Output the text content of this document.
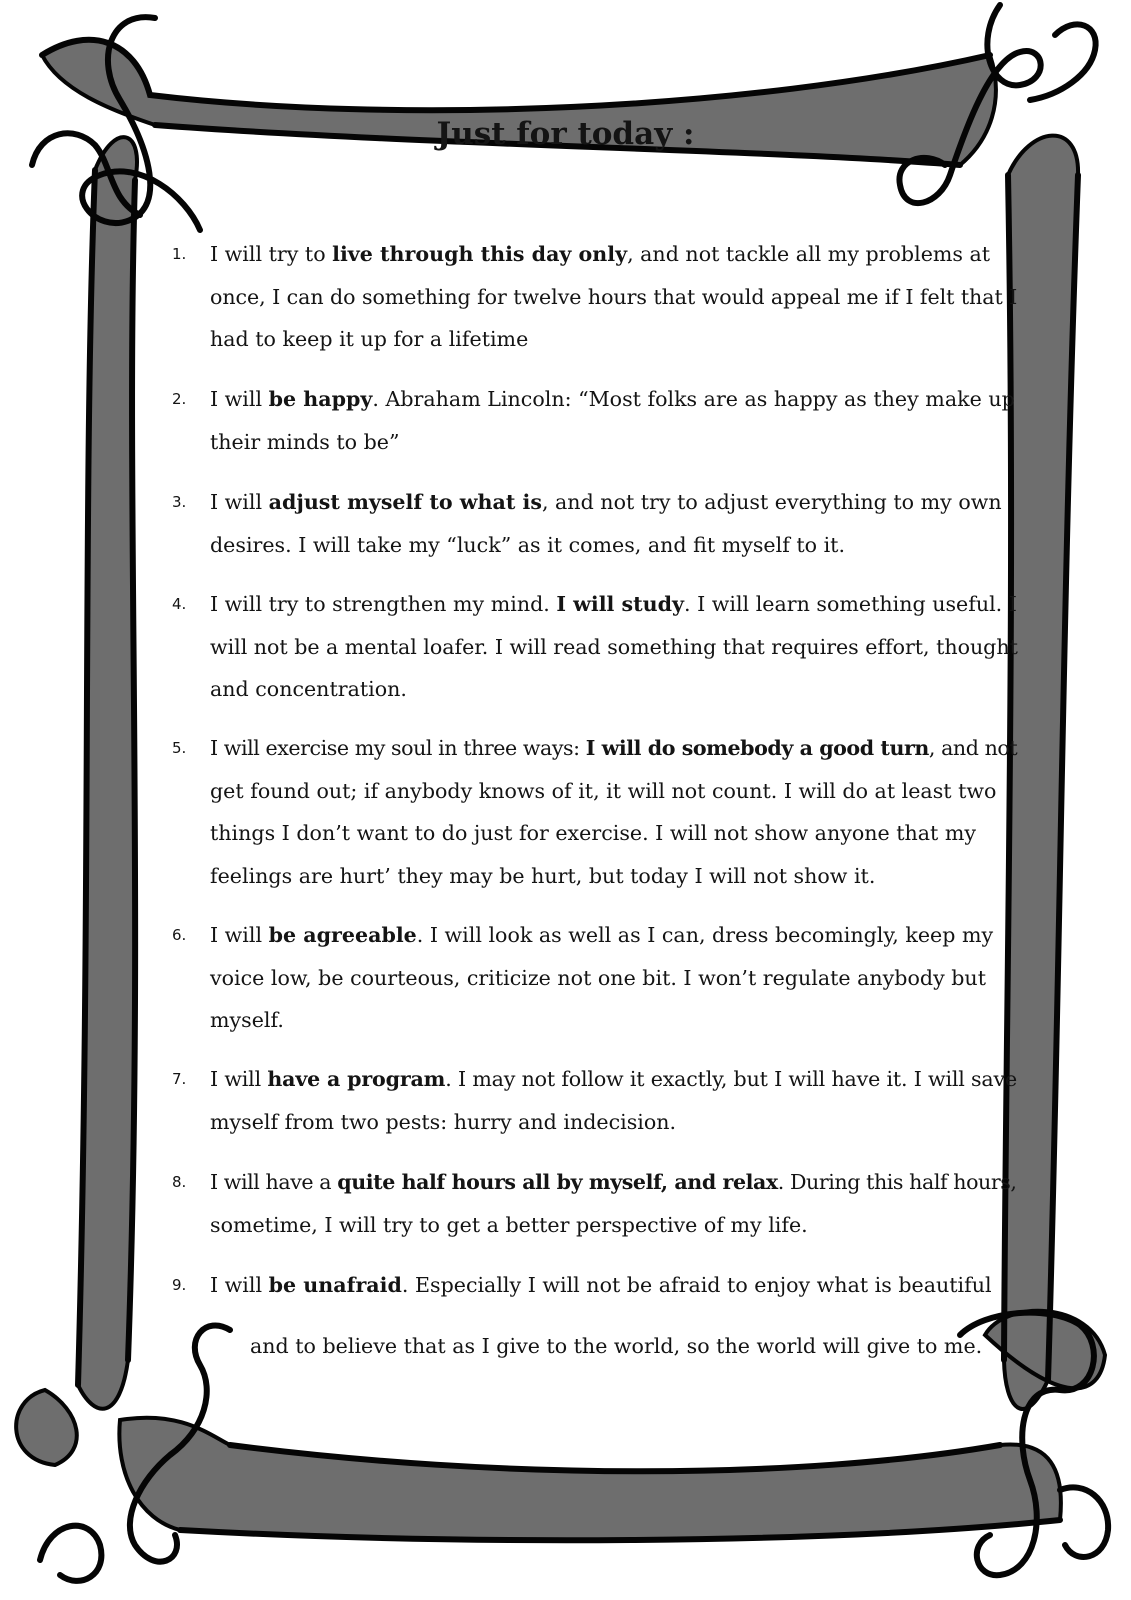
Just for today :
1. I will try to live through this day only, and not tackle all my problems at
once, I can do something for twelve hours that would appeal me if I felt that I
had to keep it up for a lifetime
2. I will be happy. Abraham Lincoln: “Most folks are as happy as they make up
their minds to be”
3. I will adjust myself to what is, and not try to adjust everything to my own
desires. I will take my “luck” as it comes, and fit myself to it.
4. I will try to strengthen my mind. I will study. I will learn something useful. I
will not be a mental loafer. I will read something that requires effort, thought
and concentration.
5. I will exercise my soul in three ways: I will do somebody a good turn, and not
get found out; if anybody knows of it, it will not count. I will do at least two
things I don’t want to do just for exercise. I will not show anyone that my
feelings are hurt’ they may be hurt, but today I will not show it.
6. I will be agreeable. I will look as well as I can, dress becomingly, keep my
voice low, be courteous, criticize not one bit. I won’t regulate anybody but
myself.
7. I will have a program. I may not follow it exactly, but I will have it. I will save
myself from two pests: hurry and indecision.
8. I will have a quite half hours all by myself, and relax. During this half hours,
sometime, I will try to get a better perspective of my life.
9. I will be unafraid. Especially I will not be afraid to enjoy what is beautiful
and to believe that as I give to the world, so the world will give to me.
